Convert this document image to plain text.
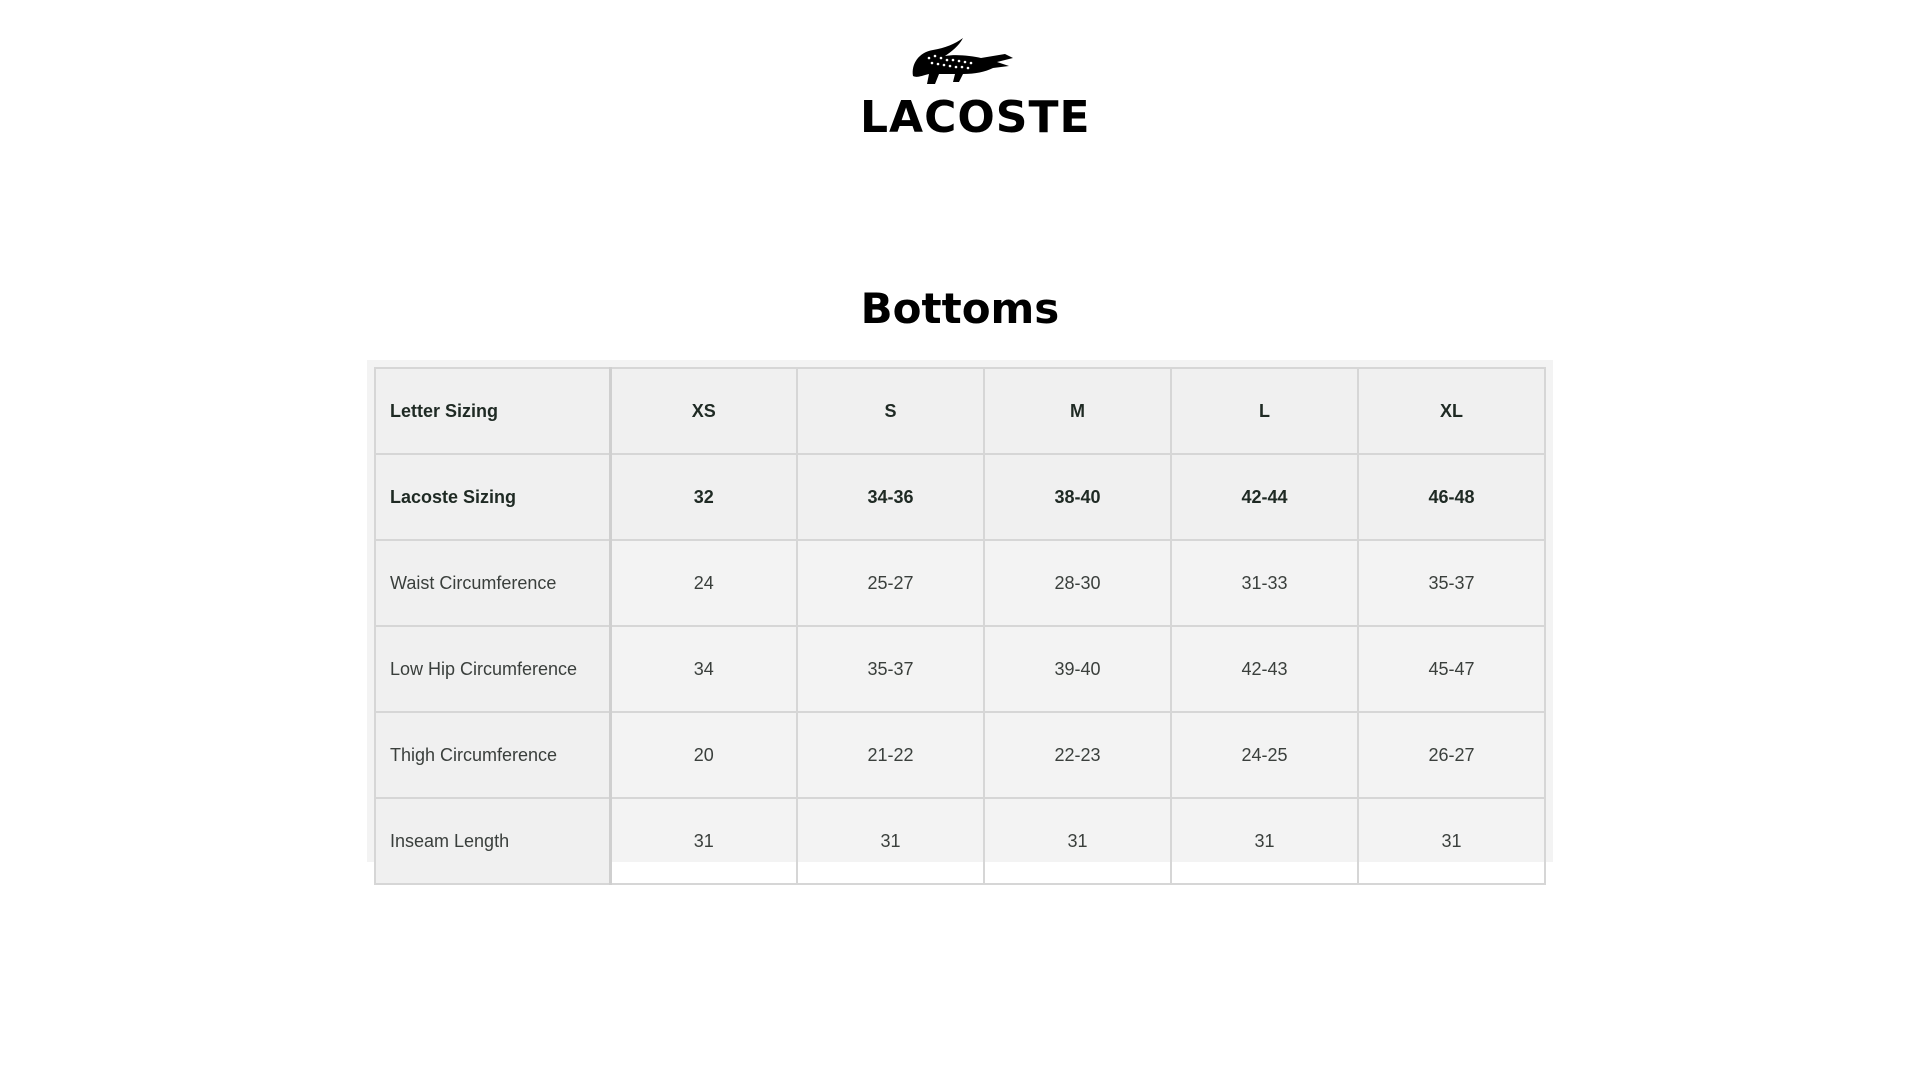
LACOSTE
Bottoms
Letter Sizing	XS	S	M	L	XL
Lacoste Sizing	32	34-36	38-40	42-44	46-48
Waist Circumference	24	25-27	28-30	31-33	35-37
Low Hip Circumference	34	35-37	39-40	42-43	45-47
Thigh Circumference	20	21-22	22-23	24-25	26-27
Inseam Length	31	31	31	31	31
